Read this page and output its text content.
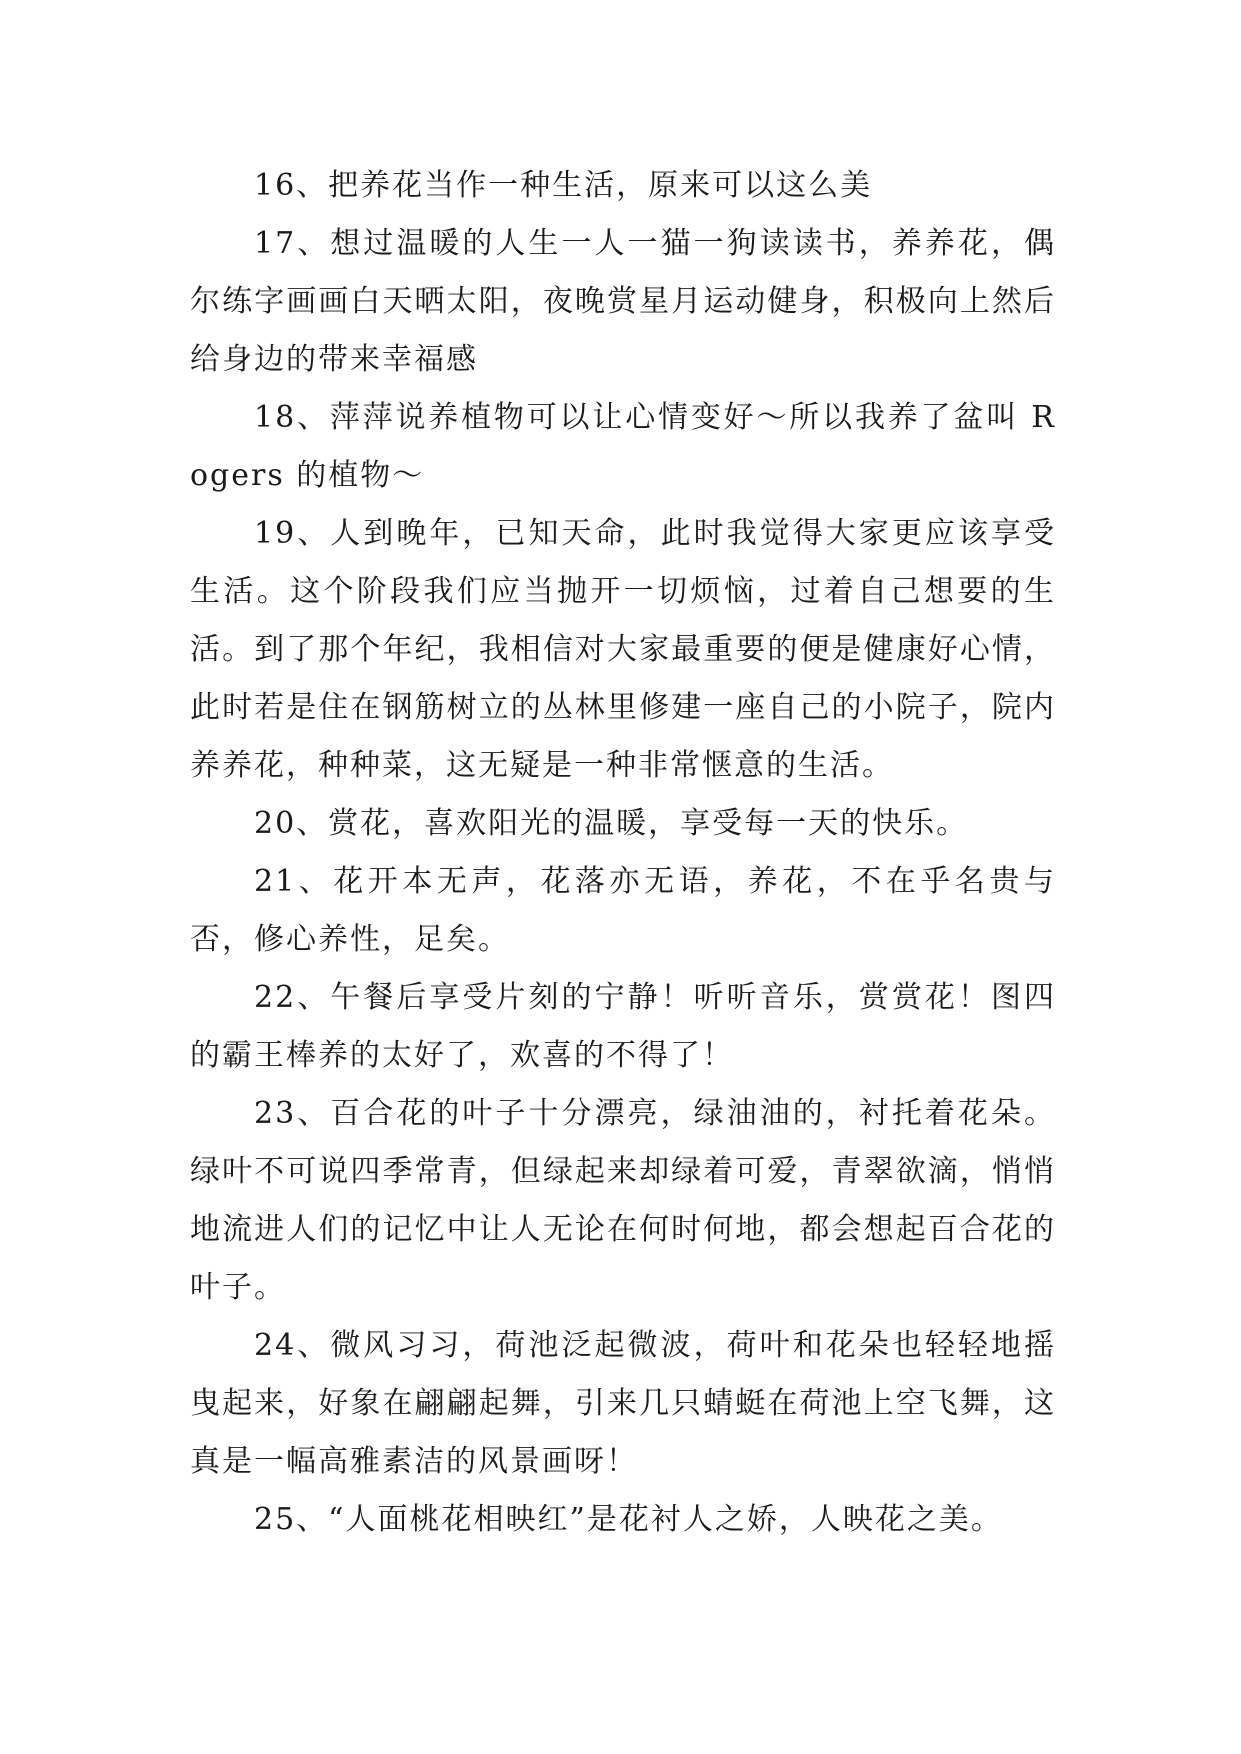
16、把养花当作一种生活，原来可以这么美

17、想过温暖的人生一人一猫一狗读读书，养养花，偶尔练字画画白天晒太阳，夜晚赏星月运动健身，积极向上然后给身边的带来幸福感

18、萍萍说养植物可以让心情变好～所以我养了盆叫 Rogers 的植物～

19、人到晚年，已知天命，此时我觉得大家更应该享受生活。这个阶段我们应当抛开一切烦恼，过着自己想要的生活。到了那个年纪，我相信对大家最重要的便是健康好心情，此时若是住在钢筋树立的丛林里修建一座自己的小院子，院内养养花，种种菜，这无疑是一种非常惬意的生活。

20、赏花，喜欢阳光的温暖，享受每一天的快乐。

21、花开本无声，花落亦无语，养花，不在乎名贵与否，修心养性，足矣。

22、午餐后享受片刻的宁静！听听音乐，赏赏花！图四的霸王棒养的太好了，欢喜的不得了！

23、百合花的叶子十分漂亮，绿油油的，衬托着花朵。绿叶不可说四季常青，但绿起来却绿着可爱，青翠欲滴，悄悄地流进人们的记忆中让人无论在何时何地，都会想起百合花的叶子。

24、微风习习，荷池泛起微波，荷叶和花朵也轻轻地摇曳起来，好象在翩翩起舞，引来几只蜻蜓在荷池上空飞舞，这真是一幅高雅素洁的风景画呀！

25、“人面桃花相映红”是花衬人之娇，人映花之美。
